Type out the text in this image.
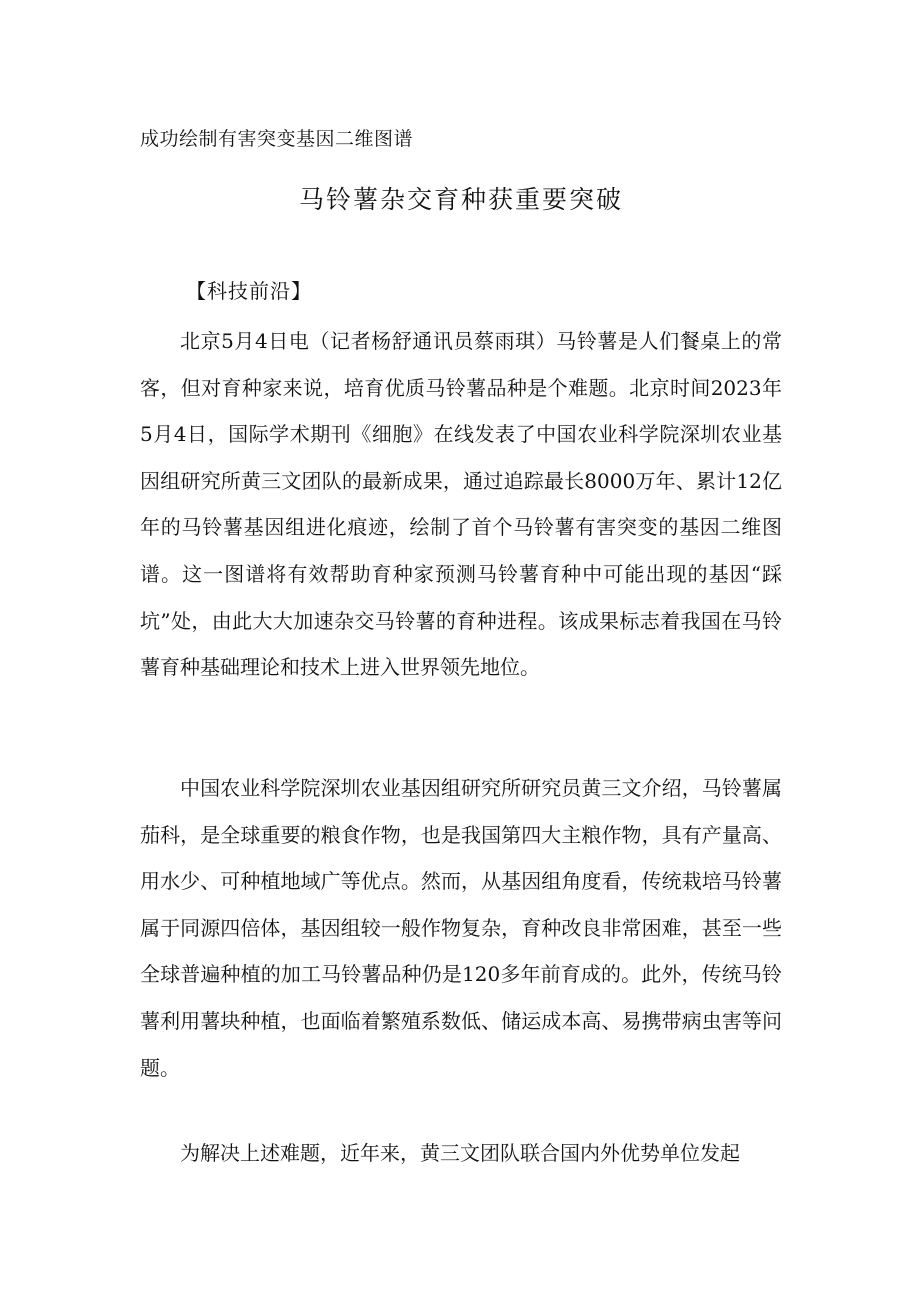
成功绘制有害突变基因二维图谱
马铃薯杂交育种获重要突破
【科技前沿】

北京5月4日电（记者杨舒通讯员蔡雨琪）马铃薯是人们餐桌上的常客，但对育种家来说，培育优质马铃薯品种是个难题。北京时间2023年5月4日，国际学术期刊《细胞》在线发表了中国农业科学院深圳农业基因组研究所黄三文团队的最新成果，通过追踪最长8000万年、累计12亿年的马铃薯基因组进化痕迹，绘制了首个马铃薯有害突变的基因二维图谱。这一图谱将有效帮助育种家预测马铃薯育种中可能出现的基因“踩坑”处，由此大大加速杂交马铃薯的育种进程。该成果标志着我国在马铃薯育种基础理论和技术上进入世界领先地位。

中国农业科学院深圳农业基因组研究所研究员黄三文介绍，马铃薯属茄科，是全球重要的粮食作物，也是我国第四大主粮作物，具有产量高、用水少、可种植地域广等优点。然而，从基因组角度看，传统栽培马铃薯属于同源四倍体，基因组较一般作物复杂，育种改良非常困难，甚至一些全球普遍种植的加工马铃薯品种仍是120多年前育成的。此外，传统马铃薯利用薯块种植，也面临着繁殖系数低、储运成本高、易携带病虫害等问题。

为解决上述难题，近年来，黄三文团队联合国内外优势单位发起
